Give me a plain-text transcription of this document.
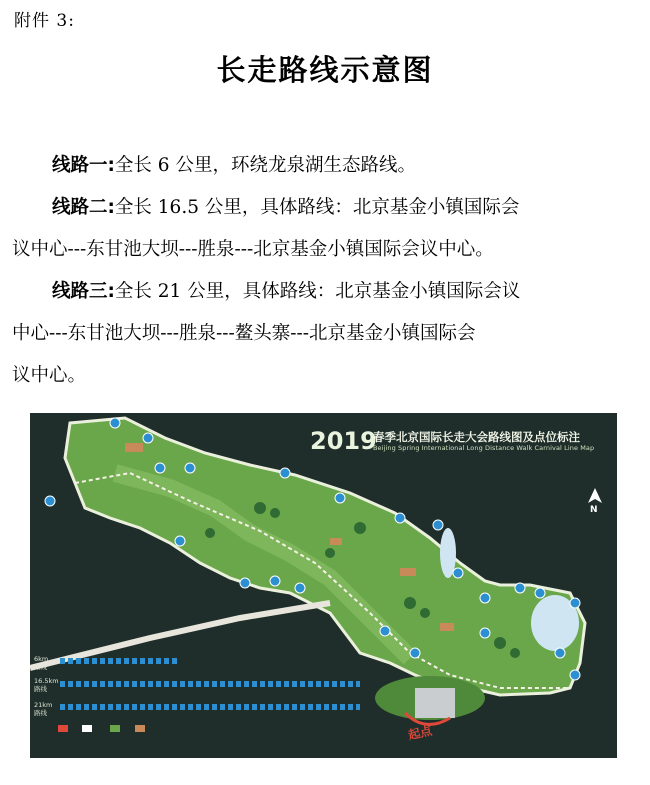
附件 3:
长走路线示意图
线路一:全长 6 公里，环绕龙泉湖生态路线。
线路二:全长 16.5 公里，具体路线：北京基金小镇国际会
议中心---东甘池大坝---胜泉---北京基金小镇国际会议中心。
线路三:全长 21 公里，具体路线：北京基金小镇国际会议
中心---东甘池大坝---胜泉---鳌头寨---北京基金小镇国际会
议中心。
2019
春季北京国际长走大会路线图及点位标注
Beijing Spring International Long Distance Walk Carnival Line Map
N
6km
路线
16.5km
路线
21km
路线
起点
